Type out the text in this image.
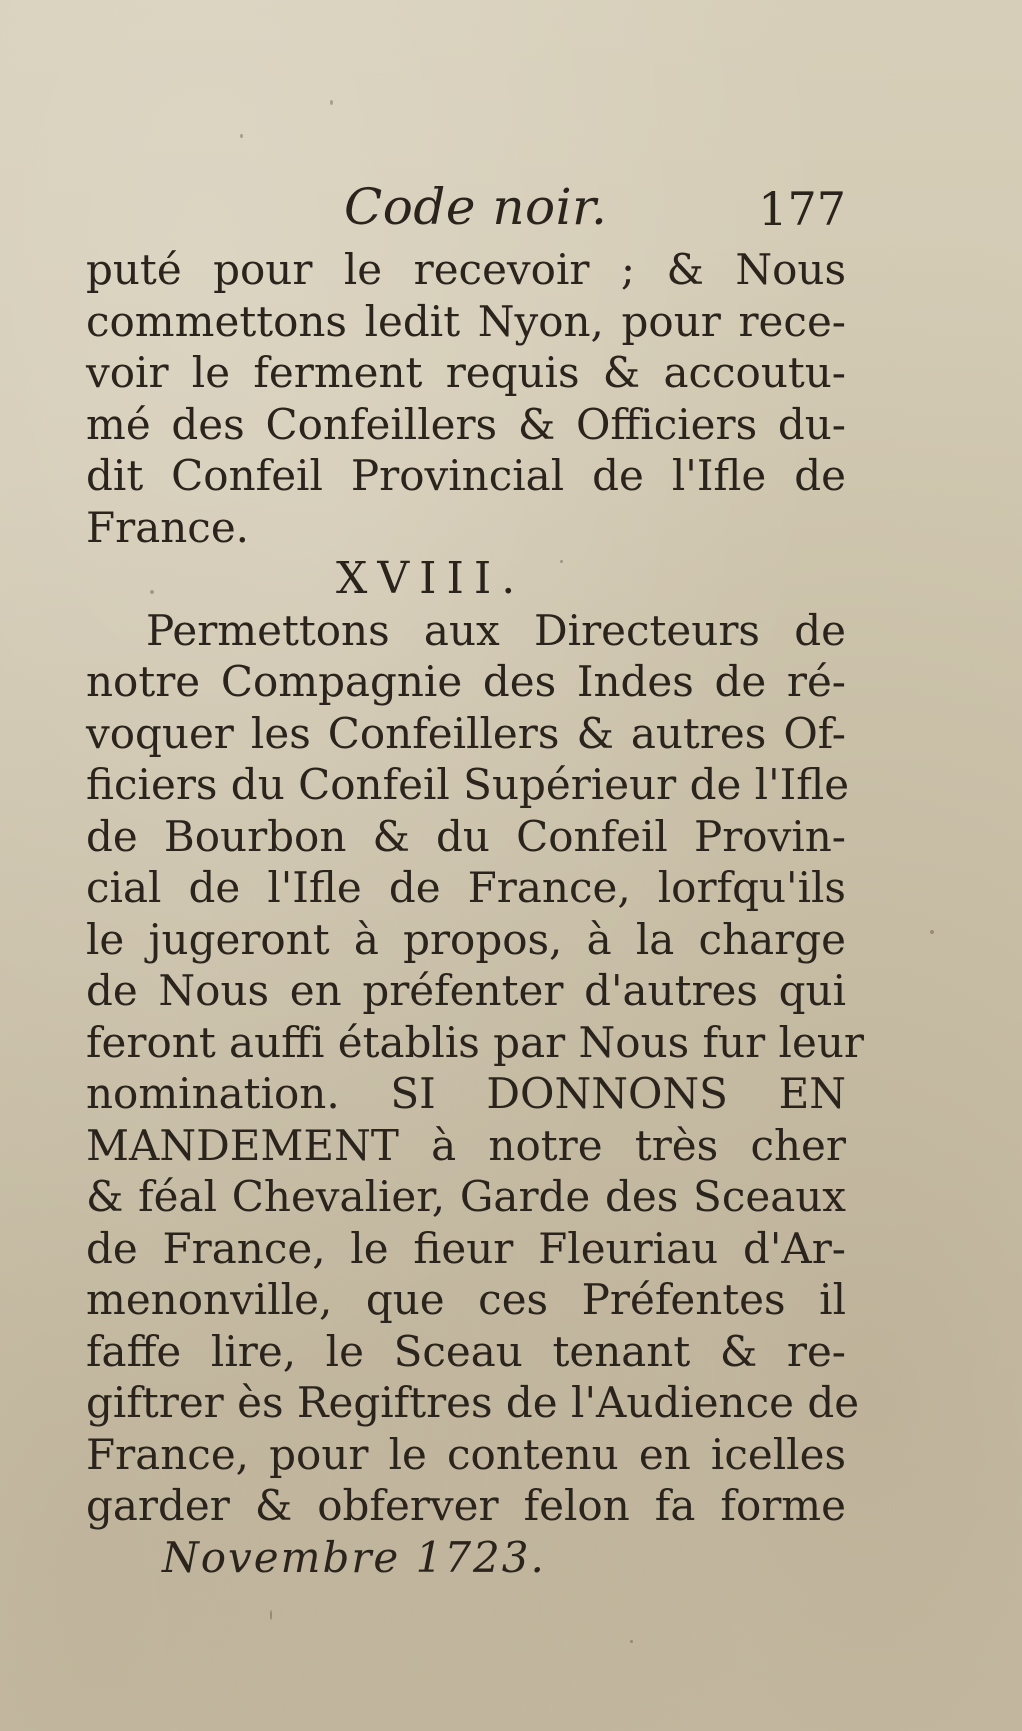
Code noir.	177
puté pour le recevoir ; & Nous
commettons ledit Nyon, pour rece-
voir le ferment requis & accoutu-
mé des Confeillers & Officiers du-
dit Confeil Provincial de l'Ifle de
France.
XVIII.
Permettons aux Directeurs de
notre Compagnie des Indes de ré-
voquer les Confeillers & autres Of-
ficiers du Confeil Supérieur de l'Ifle
de Bourbon & du Confeil Provin-
cial de l'Ifle de France, lorfqu'ils
le jugeront à propos, à la charge
de Nous en préfenter d'autres qui
feront auffi établis par Nous fur leur
nomination. SI DONNONS EN
MANDEMENT à notre très cher
& féal Chevalier, Garde des Sceaux
de France, le fieur Fleuriau d'Ar-
menonville, que ces Préfentes il
faffe lire, le Sceau tenant & re-
giftrer ès Regiftres de l'Audience de
France, pour le contenu en icelles
garder & obferver felon fa forme
Novembre 1723.
